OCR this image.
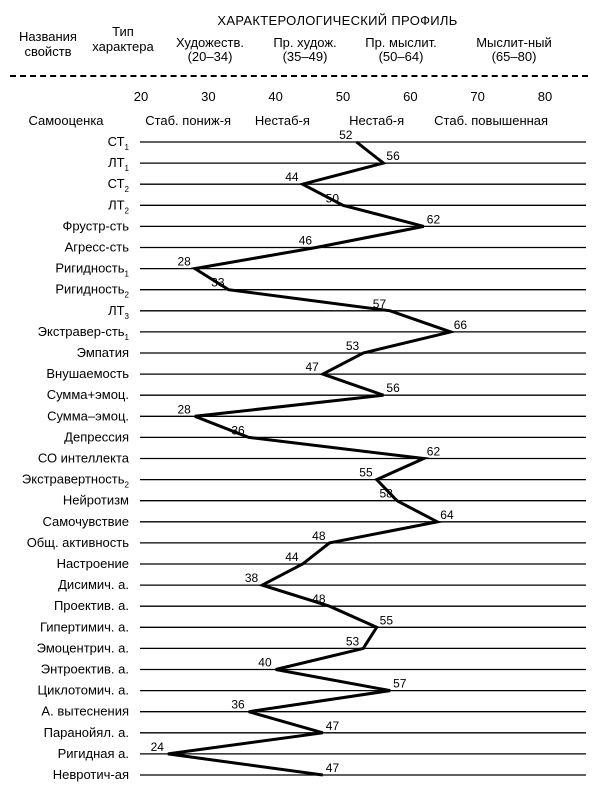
Названия
свойств
Тип
характера
ХАРАКТЕРОЛОГИЧЕСКИЙ ПРОФИЛЬ
Художеств.
(20–34)
Пр. худож.
(35–49)
Пр. мыслит.
(50–64)
Мыслит-ный
(65–80)
20	30	40	50	60	70	80
Стаб. пониж-я Нестаб-я	Нестаб-я Стаб. повышенная
Самооценка
$СТ_1$
$ЛТ_1$
$СТ_2$
$ЛТ_2$
Фрустр-сть
Агресс-сть
Ригидность$_1$
Ригидность$_2$
$ЛТ_3$
Экстравер-сть$_1$
Эмпатия
Внушаемость
Сумма+эмоц.
Сумма–эмоц.
Депрессия
СО интеллекта
Экстравертность$_2$
Нейротизм
Самочувствие
Общ. активность
Настроение
Дисимич. а.
Проектив. а.
Гипертимич. а.
Эмоцентрич. а.
Энтроектив. а.
Циклотомич. а.
А. вытеснения
Паранойял. а.
Ригидная а.
Невротич-ая
52
56
44
50
62
46
28
33
57
66
53
47
56
28
36
62
55
58
64
48
44
38
48
55
53
40
57
36
47
24
47
